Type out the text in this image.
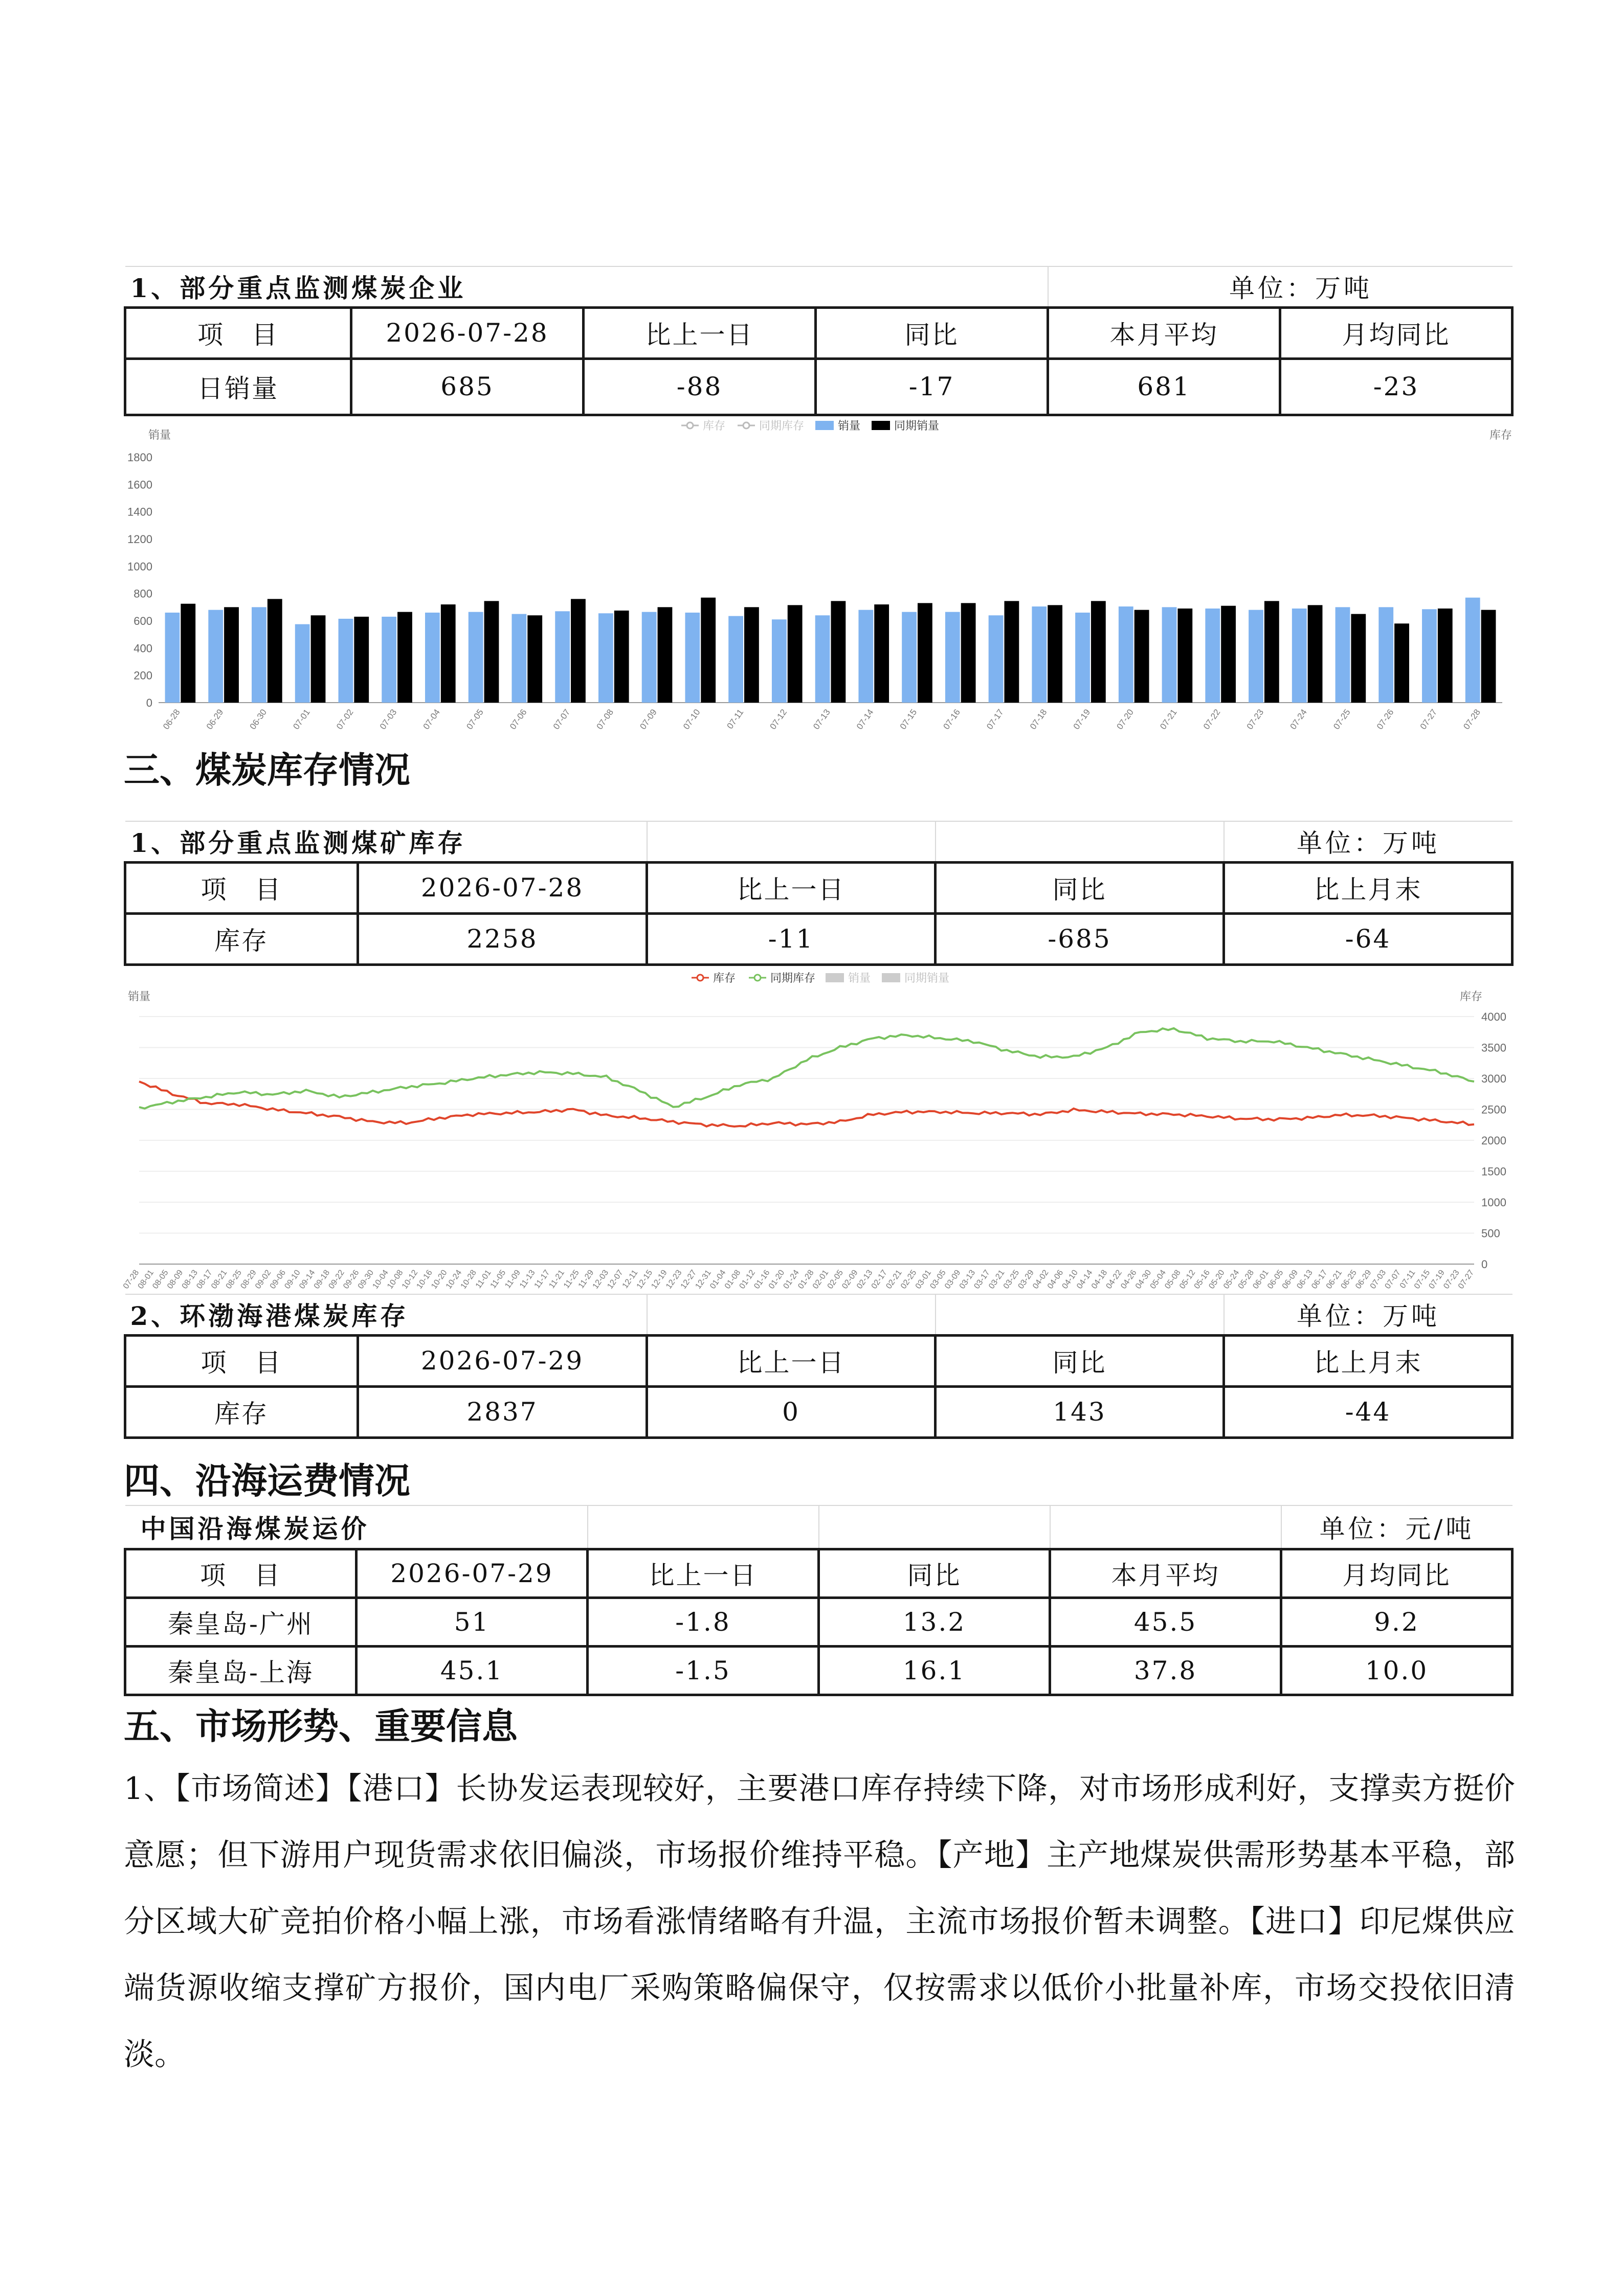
1、部分重点监测煤炭企业				单位：万吨	
项　目	2026-07-28	比上一日	同比	本月平均	月均同比
日销量	685	-88	-17	681	-23
库存	同期库存	销量	同期销量
销量	库存
0
200
400
600
800
1000
1200
1400
1600
1800
06-28	06-29	06-30	07-01	07-02	07-03	07-04	07-05	07-06	07-07	07-08	07-09	07-10	07-11	07-12	07-13	07-14	07-15	07-16	07-17	07-18	07-19	07-20	07-21	07-22	07-23	07-24	07-25	07-26	07-27	07-28
三、煤炭库存情况
1、部分重点监测煤矿库存				单位：万吨
项　目	2026-07-28	比上一日	同比	比上月末
库存	2258	-11	-685	-64
库存	同期库存	销量	同期销量
销量	库存
0
500
1000
1500
2000
2500
3000
3500
4000
07-28
08-01
08-05
08-09
08-13
08-17
08-21
08-25
08-29
09-02
09-06
09-10
09-14
09-18
09-22
09-26
09-30
10-04
10-08
10-12
10-16
10-20
10-24
10-28
11-01
11-05
11-09
11-13
11-17
11-21
11-25
11-29
12-03
12-07
12-11
12-15
12-19
12-23
12-27
12-31
01-04
01-08
01-12
01-16
01-20
01-24
01-28
02-01
02-05
02-09
02-13
02-17
02-21
02-25
03-01
03-05
03-09
03-13
03-17
03-21
03-25
03-29
04-02
04-06
04-10
04-14
04-18
04-22
04-26
04-30
05-04
05-08
05-12
05-16
05-20
05-24
05-28
06-01
06-05
06-09
06-13
06-17
06-21
06-25
06-29
07-03
07-07
07-11
07-15
07-19
07-23
07-27
2、环渤海港煤炭库存				单位：万吨
项　目	2026-07-29	比上一日	同比	比上月末
库存	2837	0	143	-44
四、沿海运费情况
中国沿海煤炭运价					单位：元/吨
项　目	2026-07-29	比上一日	同比	本月平均	月均同比
秦皇岛-广州	51	-1.8	13.2	45.5	9.2
秦皇岛-上海	45.1	-1.5	16.1	37.8	10.0
五、市场形势、重要信息

1、【市场简述】【港口】长协发运表现较好，主要港口库存持续下降，对市场形成利好，支撑卖方挺价意愿；但下游用户现货需求依旧偏淡，市场报价维持平稳。【产地】主产地煤炭供需形势基本平稳，部分区域大矿竞拍价格小幅上涨，市场看涨情绪略有升温，主流市场报价暂未调整。【进口】印尼煤供应端货源收缩支撑矿方报价，国内电厂采购策略偏保守，仅按需求以低价小批量补库，市场交投依旧清淡。
